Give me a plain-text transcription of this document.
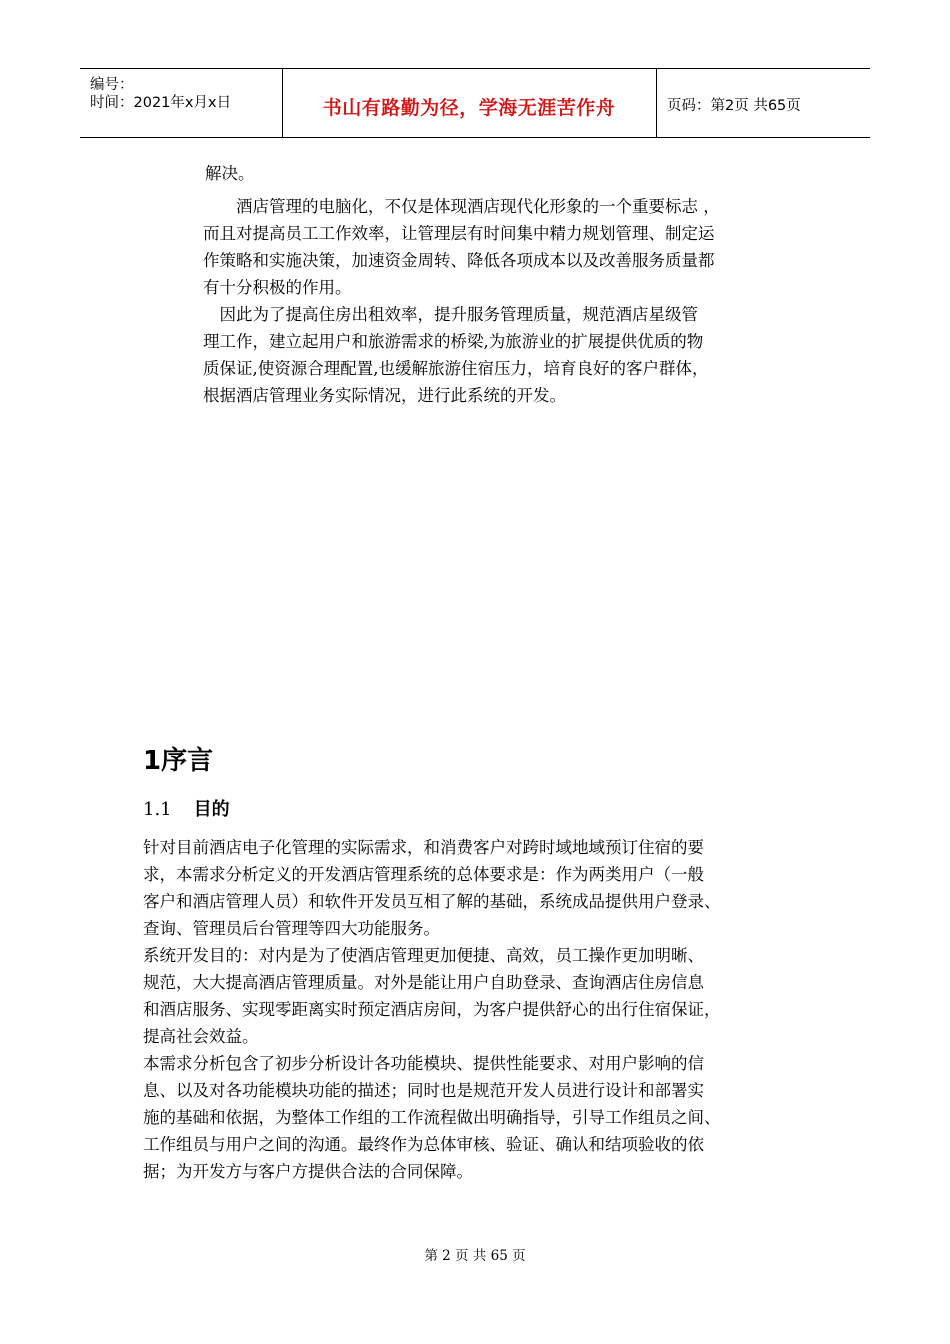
编号：
时间：2021年x月x日	书山有路勤为径，学海无涯苦作舟	页码：第2页 共65页
解决。
　　酒店管理的电脑化，不仅是体现酒店现代化形象的一个重要标志 ，
而且对提高员工工作效率，让管理层有时间集中精力规划管理、制定运
作策略和实施决策，加速资金周转、降低各项成本以及改善服务质量都
有十分积极的作用。
　因此为了提高住房出租效率，提升服务管理质量，规范酒店星级管
理工作，建立起用户和旅游需求的桥梁,为旅游业的扩展提供优质的物
质保证,使资源合理配置,也缓解旅游住宿压力，培育良好的客户群体，
根据酒店管理业务实际情况，进行此系统的开发。
1序言
1.1 目的
针对目前酒店电子化管理的实际需求，和消费客户对跨时域地域预订住宿的要
求，本需求分析定义的开发酒店管理系统的总体要求是：作为两类用户（一般
客户和酒店管理人员）和软件开发员互相了解的基础，系统成品提供用户登录、
查询、管理员后台管理等四大功能服务。
系统开发目的：对内是为了使酒店管理更加便捷、高效，员工操作更加明晰、
规范，大大提高酒店管理质量。对外是能让用户自助登录、查询酒店住房信息
和酒店服务、实现零距离实时预定酒店房间，为客户提供舒心的出行住宿保证，
提高社会效益。
本需求分析包含了初步分析设计各功能模块、提供性能要求、对用户影响的信
息、以及对各功能模块功能的描述；同时也是规范开发人员进行设计和部署实
施的基础和依据，为整体工作组的工作流程做出明确指导，引导工作组员之间、
工作组员与用户之间的沟通。最终作为总体审核、验证、确认和结项验收的依
据；为开发方与客户方提供合法的合同保障。
第 2 页 共 65 页
